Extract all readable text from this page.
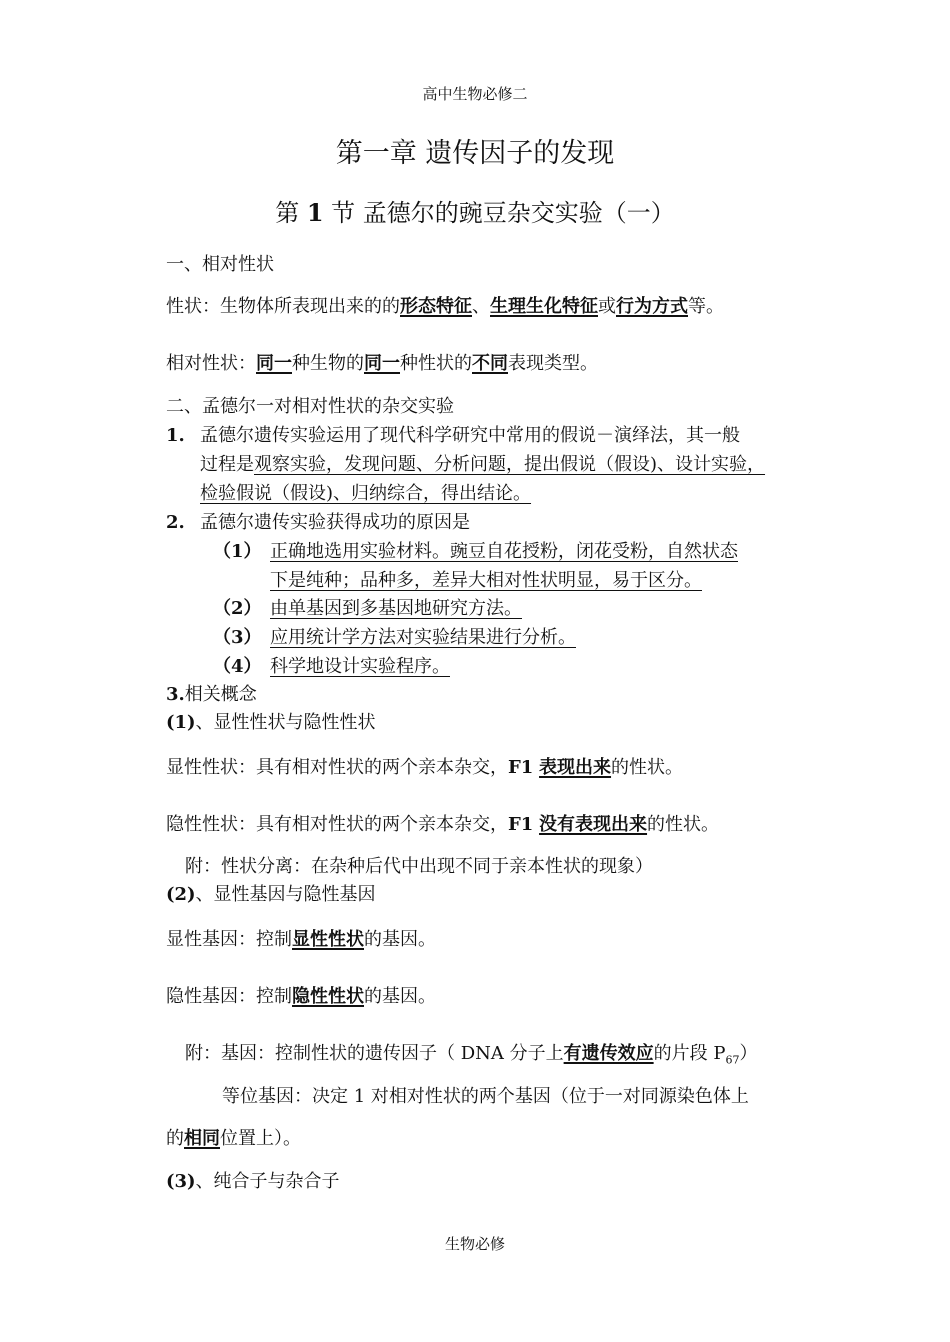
高中生物必修二
第一章 遗传因子的发现
第 1 节 孟德尔的豌豆杂交实验（一）
一、相对性状
性状：生物体所表现出来的的形态特征、生理生化特征或行为方式等。
相对性状：同一种生物的同一种性状的不同表现类型。
二、孟德尔一对相对性状的杂交实验
1. 孟德尔遗传实验运用了现代科学研究中常用的假说－演绎法，其一般
过程是观察实验，发现问题、分析问题，提出假说（假设)、设计实验，
检验假说（假设)、归纳综合，得出结论。
2. 孟德尔遗传实验获得成功的原因是
（1） 正确地选用实验材料。豌豆自花授粉，闭花受粉，自然状态
下是纯种；品种多，差异大相对性状明显，易于区分。
（2） 由单基因到多基因地研究方法。
（3） 应用统计学方法对实验结果进行分析。
（4） 科学地设计实验程序。
3.相关概念
(1)、显性性状与隐性性状
显性性状：具有相对性状的两个亲本杂交，F1 表现出来的性状。
隐性性状：具有相对性状的两个亲本杂交，F1 没有表现出来的性状。
附：性状分离：在杂种后代中出现不同于亲本性状的现象）
(2)、显性基因与隐性基因
显性基因：控制显性性状的基因。
隐性基因：控制隐性性状的基因。
附：基因：控制性状的遗传因子（ DNA 分子上有遗传效应的片段 $P_{67}$）
等位基因：决定 1 对相对性状的两个基因（位于一对同源染色体上
的相同位置上）。
(3)、纯合子与杂合子
生物必修
